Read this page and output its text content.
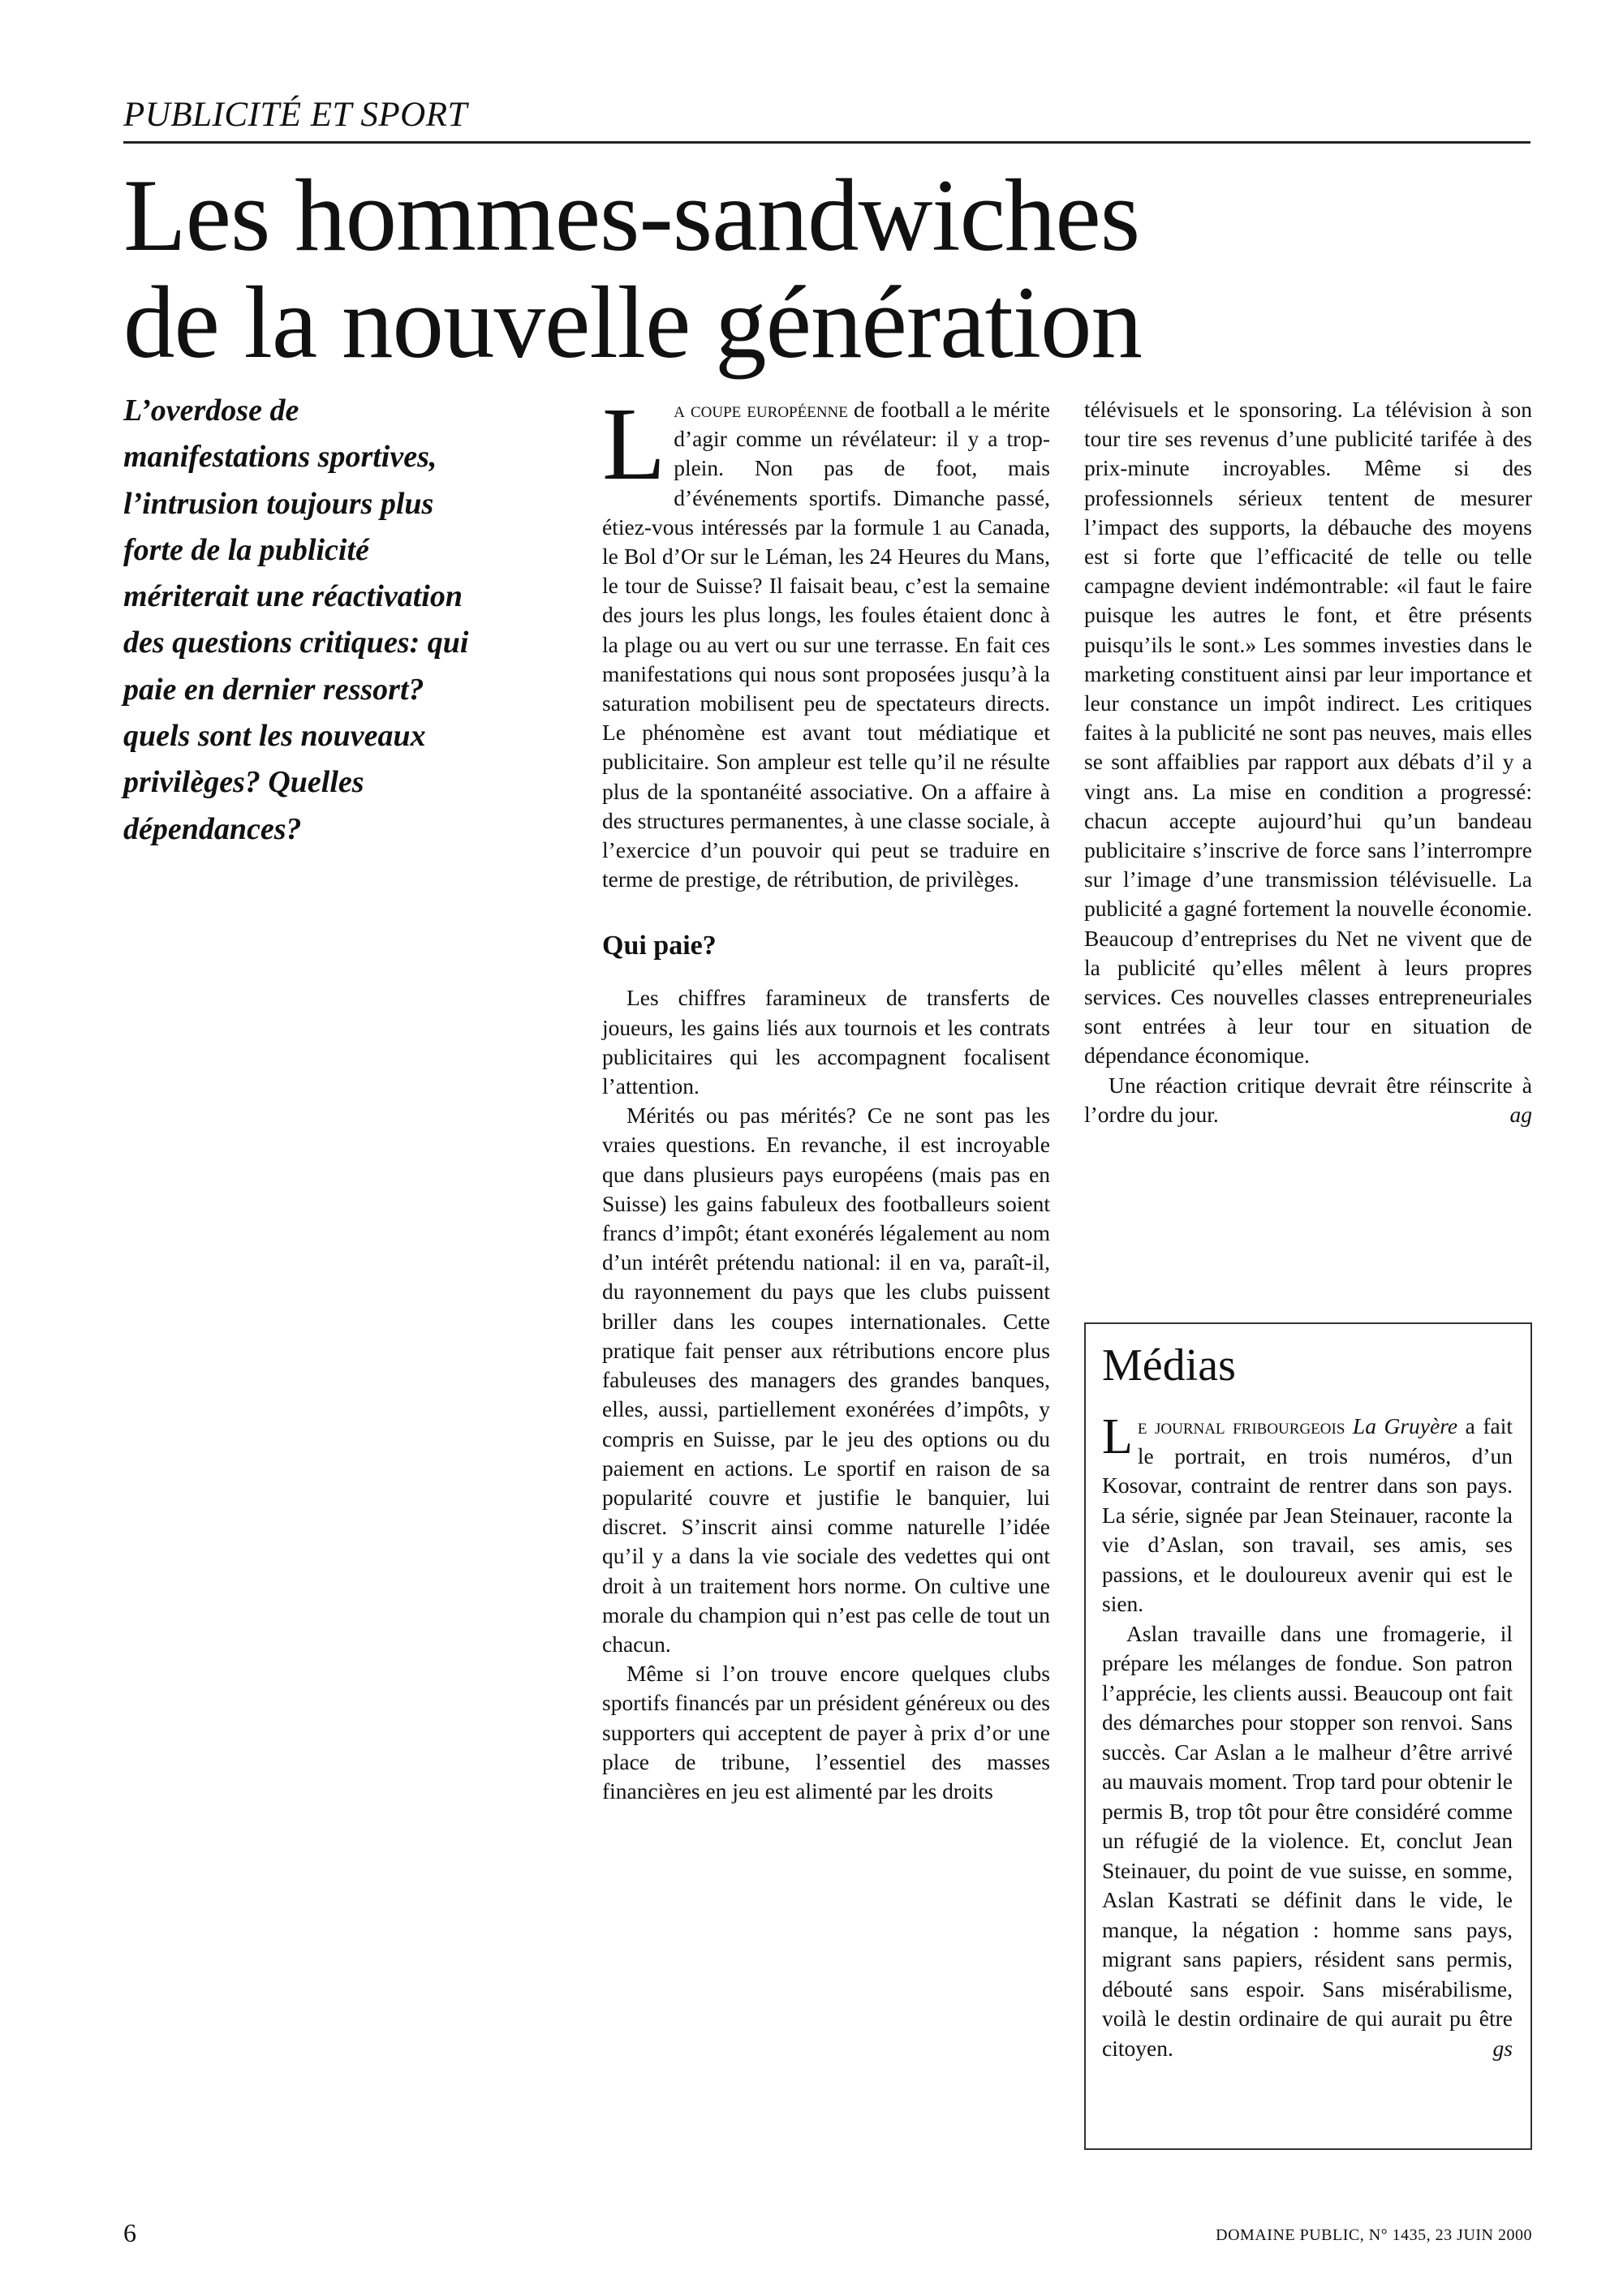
PUBLICITÉ ET SPORT
Les hommes-sandwiches
de la nouvelle génération
L’overdose de
manifestations sportives,
l’intrusion toujours plus
forte de la publicité
mériterait une réactivation
des questions critiques: qui
paie en dernier ressort?
quels sont les nouveaux
privilèges? Quelles
dépendances?

La coupe européenne de football a le mérite d’agir comme un révélateur: il y a trop-plein. Non pas de foot, mais d’événements sportifs. Dimanche passé, étiez-vous intéressés par la formule 1 au Canada, le Bol d’Or sur le Léman, les 24 Heures du Mans, le tour de Suisse? Il faisait beau, c’est la semaine des jours les plus longs, les foules étaient donc à la plage ou au vert ou sur une terrasse. En fait ces manifestations qui nous sont proposées jusqu’à la saturation mobilisent peu de spectateurs directs. Le phénomène est avant tout médiatique et publicitaire. Son ampleur est telle qu’il ne résulte plus de la spontanéité associative. On a affaire à des structures permanentes, à une classe sociale, à l’exercice d’un pouvoir qui peut se traduire en terme de prestige, de rétribution, de privilèges.

Qui paie?

Les chiffres faramineux de transferts de joueurs, les gains liés aux tournois et les contrats publicitaires qui les accompagnent focalisent l’attention.

Mérités ou pas mérités? Ce ne sont pas les vraies questions. En revanche, il est incroyable que dans plusieurs pays européens (mais pas en Suisse) les gains fabuleux des footballeurs soient francs d’impôt; étant exonérés légalement au nom d’un intérêt prétendu national: il en va, paraît-il, du rayonnement du pays que les clubs puissent briller dans les coupes internationales. Cette pratique fait penser aux rétributions encore plus fabuleuses des managers des grandes banques, elles, aussi, partiellement exonérées d’impôts, y compris en Suisse, par le jeu des options ou du paiement en actions. Le sportif en raison de sa popularité couvre et justifie le banquier, lui discret. S’inscrit ainsi comme naturelle l’idée qu’il y a dans la vie sociale des vedettes qui ont droit à un traitement hors norme. On cultive une morale du champion qui n’est pas celle de tout un chacun.

Même si l’on trouve encore quelques clubs sportifs financés par un président généreux ou des supporters qui acceptent de payer à prix d’or une place de tribune, l’essentiel des masses financières en jeu est alimenté par les droits

télévisuels et le sponsoring. La télévision à son tour tire ses revenus d’une publicité tarifée à des prix-minute incroyables. Même si des professionnels sérieux tentent de mesurer l’impact des supports, la débauche des moyens est si forte que l’efficacité de telle ou telle campagne devient indémontrable: «il faut le faire puisque les autres le font, et être présents puisqu’ils le sont.» Les sommes investies dans le marketing constituent ainsi par leur importance et leur constance un impôt indirect. Les critiques faites à la publicité ne sont pas neuves, mais elles se sont affaiblies par rapport aux débats d’il y a vingt ans. La mise en condition a progressé: chacun accepte aujourd’hui qu’un bandeau publicitaire s’inscrive de force sans l’interrompre sur l’image d’une transmission télévisuelle. La publicité a gagné fortement la nouvelle économie. Beaucoup d’entreprises du Net ne vivent que de la publicité qu’elles mêlent à leurs propres services. Ces nouvelles classes entrepreneuriales sont entrées à leur tour en situation de dépendance économique.

Une réaction critique devrait être réinscrite à l’ordre du jour.	ag

Médias

Le journal fribourgeois La Gruyère a fait le portrait, en trois numéros, d’un Kosovar, contraint de rentrer dans son pays. La série, signée par Jean Steinauer, raconte la vie d’Aslan, son travail, ses amis, ses passions, et le douloureux avenir qui est le sien.

Aslan travaille dans une fromagerie, il prépare les mélanges de fondue. Son patron l’apprécie, les clients aussi. Beaucoup ont fait des démarches pour stopper son renvoi. Sans succès. Car Aslan a le malheur d’être arrivé au mauvais moment. Trop tard pour obtenir le permis B, trop tôt pour être considéré comme un réfugié de la violence. Et, conclut Jean Steinauer, du point de vue suisse, en somme, Aslan Kastrati se définit dans le vide, le manque, la négation : homme sans pays, migrant sans papiers, résident sans permis, débouté sans espoir. Sans misérabilisme, voilà le destin ordinaire de qui aurait pu être citoyen.	gs

6	DOMAINE PUBLIC, N° 1435, 23 JUIN 2000
